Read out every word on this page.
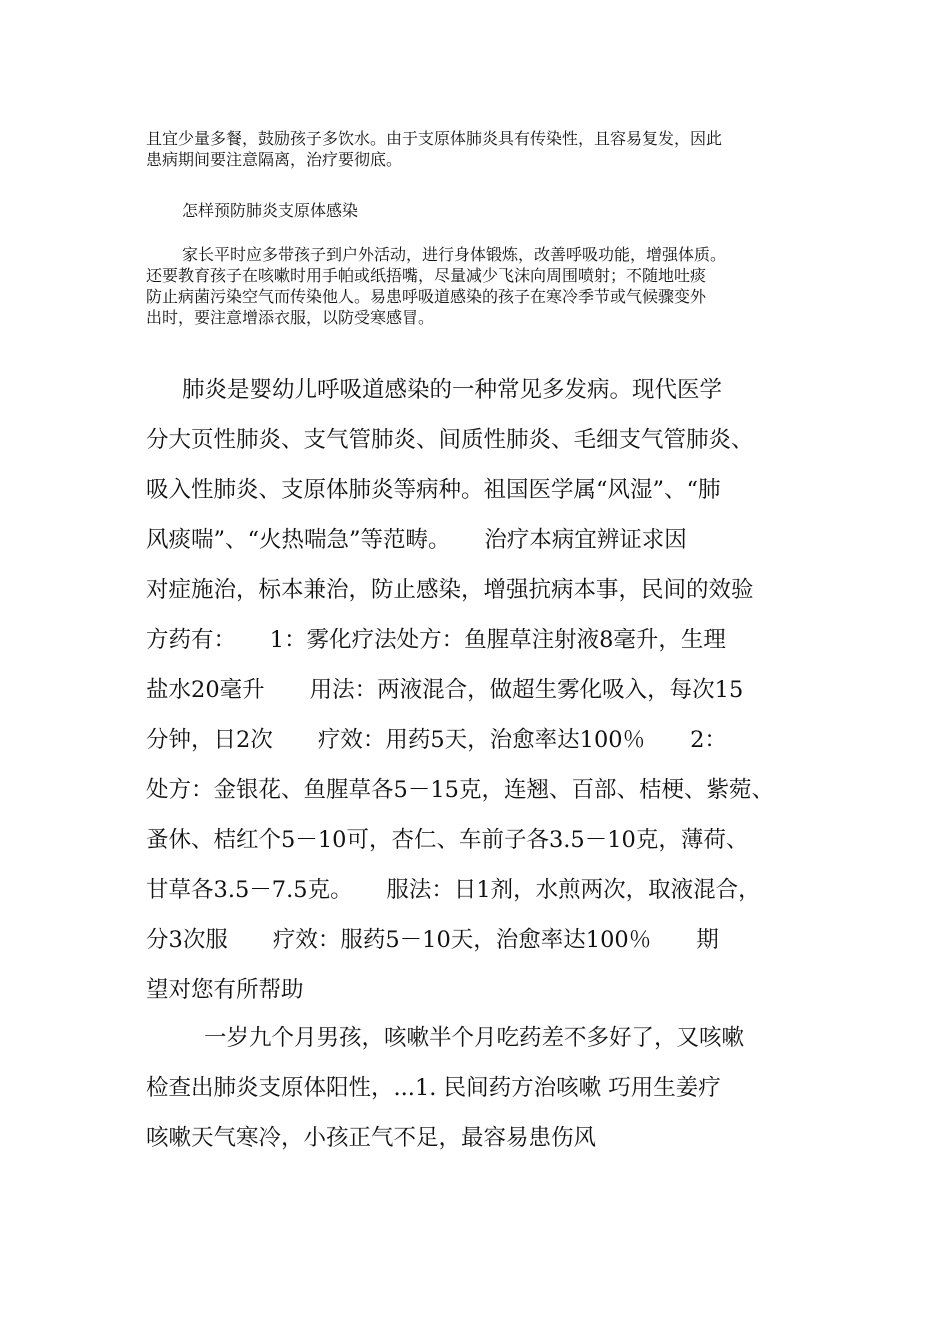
且宜少量多餐，鼓励孩子多饮水。由于支原体肺炎具有传染性，且容易复发，因此
患病期间要注意隔离，治疗要彻底。
怎样预防肺炎支原体感染
家长平时应多带孩子到户外活动，进行身体锻炼，改善呼吸功能，增强体质。
还要教育孩子在咳嗽时用手帕或纸捂嘴，尽量减少飞沫向周围喷射；不随地吐痰
防止病菌污染空气而传染他人。易患呼吸道感染的孩子在寒冷季节或气候骤变外
出时，要注意增添衣服，以防受寒感冒。
肺炎是婴幼儿呼吸道感染的一种常见多发病。现代医学
分大页性肺炎、支气管肺炎、间质性肺炎、毛细支气管肺炎、
吸入性肺炎、支原体肺炎等病种。祖国医学属“风湿”、“肺
风痰喘”、“火热喘急”等范畴。　　治疗本病宜辨证求因
对症施治，标本兼治，防止感染，增强抗病本事，民间的效验
方药有：　　1：雾化疗法处方：鱼腥草注射液8毫升，生理
盐水20毫升　　用法：两液混合，做超生雾化吸入，每次15
分钟，日2次　　疗效：用药5天，治愈率达100％　　2：
处方：金银花、鱼腥草各5－15克，连翘、百部、桔梗、紫菀、
蚤休、桔红个5－10可，杏仁、车前子各3.5－10克，薄荷、
甘草各3.5－7.5克。　　服法：日1剂，水煎两次，取液混合，
分3次服　　疗效：服药5－10天，治愈率达100％　　期
望对您有所帮助
一岁九个月男孩，咳嗽半个月吃药差不多好了，又咳嗽
检查出肺炎支原体阳性，...1. 民间药方治咳嗽 巧用生姜疗
咳嗽天气寒冷，小孩正气不足，最容易患伤风
